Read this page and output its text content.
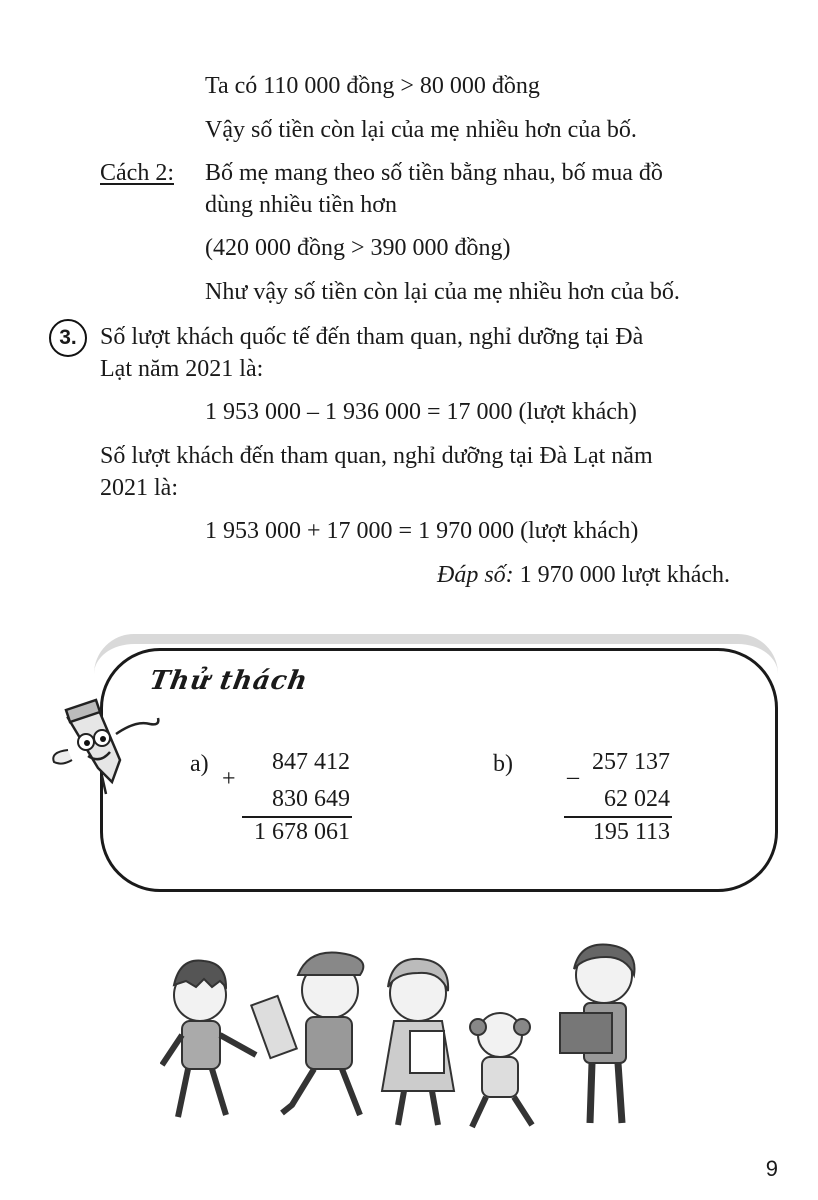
Ta có 110 000 đồng > 80 000 đồng
Vậy số tiền còn lại của mẹ nhiều hơn của bố.
Cách 2: Bố mẹ mang theo số tiền bằng nhau, bố mua đồ
dùng nhiều tiền hơn
(420 000 đồng > 390 000 đồng)
Như vậy số tiền còn lại của mẹ nhiều hơn của bố.
3. Số lượt khách quốc tế đến tham quan, nghỉ dưỡng tại Đà
Lạt năm 2021 là:
1 953 000 – 1 936 000 = 17 000 (lượt khách)
Số lượt khách đến tham quan, nghỉ dưỡng tại Đà Lạt năm
2021 là:
1 953 000 + 17 000 = 1 970 000 (lượt khách)
Đáp số: 1 970 000 lượt khách.
Thử thách
a)
+
847 412
830 649
1 678 061
b) –
257 137
62 024
195 113
9
